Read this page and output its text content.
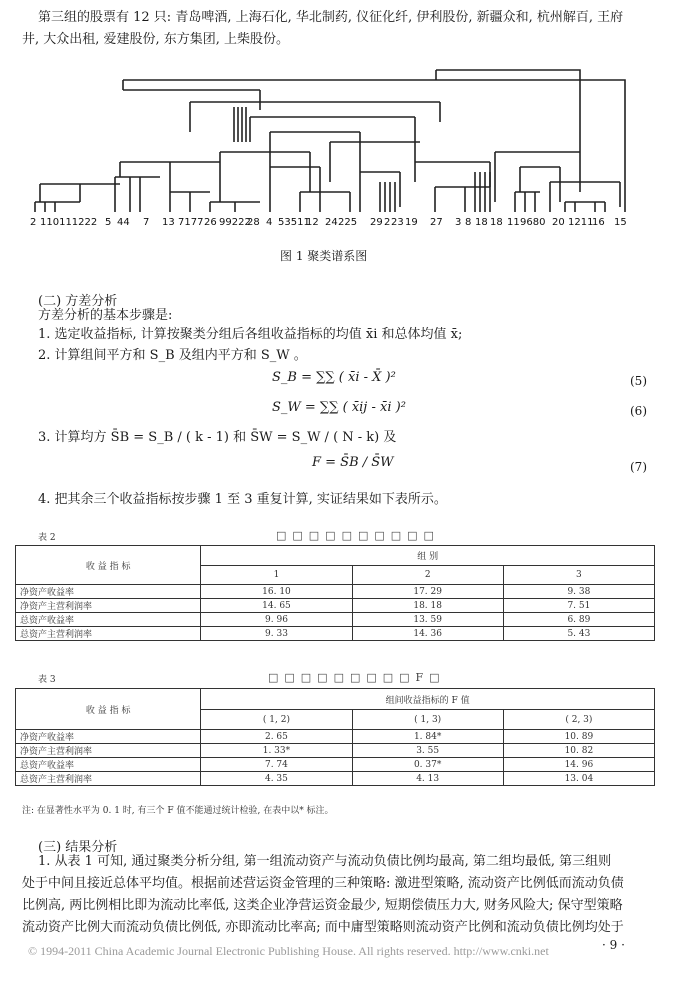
第三组的股票有 12 只: 青岛啤酒, 上海石化, 华北制药, 仪征化纤, 伊利股份, 新疆众和, 杭州解百, 王府
井, 大众出租, 爱建股份, 东方集团, 上柴股份。
2 110111222 5 44 7 13 7177 26 99222
28 4 53511
12 24 225 29 2 23 19 27 3 8 18 18 11 9680 20 1211
16 15
图 1 聚类谱系图
(二) 方差分析
方差分析的基本步骤是:
1. 选定收益指标, 计算按聚类分组后各组收益指标的均值 x̄i 和总体均值 x̄;
2. 计算组间平方和 S_B 及组内平方和 S_W 。
S_B = ∑∑ ( x̄i - X̄ )²	(5)
S_W = ∑∑ ( x̄ij - x̄i )²	(6)
3. 计算均方 S̄B = S_B / ( k - 1) 和 S̄W = S_W / ( N - k) 及
F = S̄B / S̄W	(7)
4. 把其余三个收益指标按步骤 1 至 3 重复计算, 实证结果如下表所示。
表 2	□□□□□□□□□□
收 益 指 标	组 别		
	1	2	3
净资产收益率	16. 10	17. 29	9. 38
净资产主营利润率	14. 65	18. 18	7. 51
总资产收益率	9. 96	13. 59	6. 89
总资产主营利润率	9. 33	14. 36	5. 43
表 3	□□□□□□□□□F□
收 益 指 标	组间收益指标的 F 值		
	( 1, 2)	( 1, 3)	( 2, 3)
净资产收益率	2. 65	1. 84*	10. 89
净资产主营利润率	1. 33*	3. 55	10. 82
总资产收益率	7. 74	0. 37*	14. 96
总资产主营利润率	4. 35	4. 13	13. 04
注: 在显著性水平为 0. 1 时, 有三个 F 值不能通过统计检验, 在表中以* 标注。
(三) 结果分析
1. 从表 1 可知, 通过聚类分析分组, 第一组流动资产与流动负债比例均最高, 第二组均最低, 第三组则
处于中间且接近总体平均值。根据前述营运资金管理的三种策略: 激进型策略, 流动资产比例低而流动负债
比例高, 两比例相比即为流动比率低, 这类企业净营运资金最少, 短期偿债压力大, 财务风险大; 保守型策略
流动资产比例大而流动负债比例低, 亦即流动比率高; 而中庸型策略则流动资产比例和流动负债比例均处于
· 9 ·
© 1994-2011 China Academic Journal Electronic Publishing House. All rights reserved. http://www.cnki.net
